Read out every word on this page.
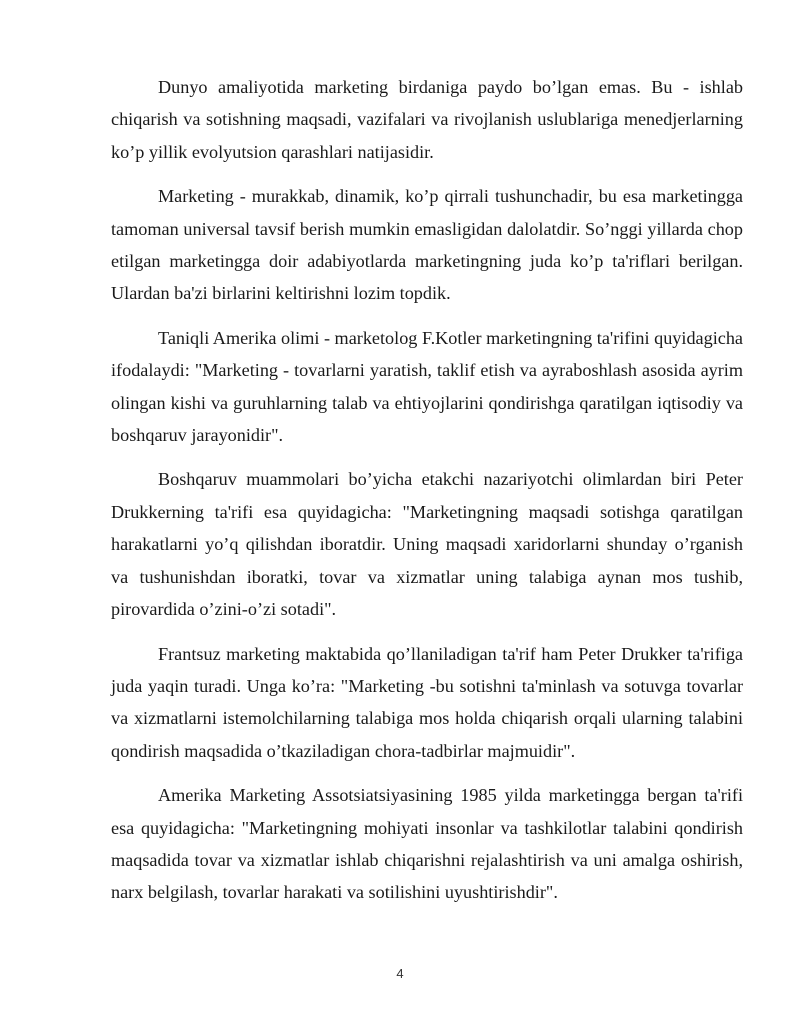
Dunyo amaliyotida marketing birdaniga paydo bo’lgan emas. Bu - ishlab chiqarish va sotishning maqsadi, vazifalari va rivojlanish uslublariga menedjerlarning ko’p yillik evolyutsion qarashlari natijasidir.

Marketing - murakkab, dinamik, ko’p qirrali tushunchadir, bu esa marketingga tamoman universal tavsif berish mumkin emasligidan dalolatdir. So’nggi yillarda chop etilgan marketingga doir adabiyotlarda marketingning juda ko’p ta'riflari berilgan. Ulardan ba'zi birlarini keltirishni lozim topdik.

Taniqli Amerika olimi - marketolog F.Kotler marketingning ta'rifini quyidagicha ifodalaydi: "Marketing - tovarlarni yaratish, taklif etish va ayraboshlash asosida ayrim olingan kishi va guruhlarning talab va ehtiyojlarini qondirishga qaratilgan iqtisodiy va boshqaruv jarayonidir".

Boshqaruv muammolari bo’yicha etakchi nazariyotchi olimlardan biri Peter Drukkerning ta'rifi esa quyidagicha: "Marketingning maqsadi sotishga qaratilgan harakatlarni yo’q qilishdan iboratdir. Uning maqsadi xaridorlarni shunday o’rganish va tushunishdan iboratki, tovar va xizmatlar uning talabiga aynan mos tushib, pirovardida o’zini-o’zi sotadi".

Frantsuz marketing maktabida qo’llaniladigan ta'rif ham Peter Drukker ta'rifiga juda yaqin turadi. Unga ko’ra: "Marketing -bu sotishni ta'minlash va sotuvga tovarlar va xizmatlarni istemolchilarning talabiga mos holda chiqarish orqali ularning talabini qondirish maqsadida o’tkaziladigan chora-tadbirlar majmuidir".

Amerika Marketing Assotsiatsiyasining 1985 yilda marketingga bergan ta'rifi esa quyidagicha: "Marketingning mohiyati insonlar va tashkilotlar talabini qondirish maqsadida tovar va xizmatlar ishlab chiqarishni rejalashtirish va uni amalga oshirish, narx belgilash, tovarlar harakati va sotilishini uyushtirishdir".

4
